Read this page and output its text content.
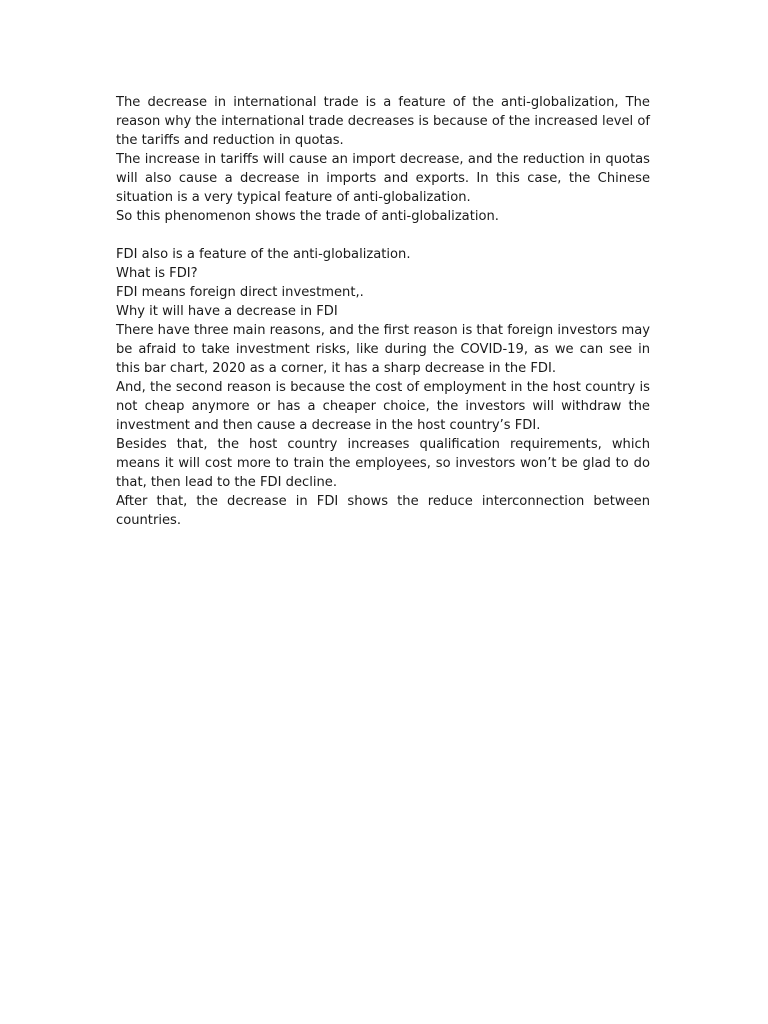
The decrease in international trade is a feature of the anti-globalization, The reason why the international trade decreases is because of the increased level of the tariffs and reduction in quotas.

The increase in tariffs will cause an import decrease, and the reduction in quotas will also cause a decrease in imports and exports. In this case, the Chinese situation is a very typical feature of anti-globalization.

So this phenomenon shows the trade of anti-globalization.

FDI also is a feature of the anti-globalization.

What is FDI?

FDI means foreign direct investment,.

Why it will have a decrease in FDI

There have three main reasons, and the first reason is that foreign investors may be afraid to take investment risks, like during the COVID-19, as we can see in this bar chart, 2020 as a corner, it has a sharp decrease in the FDI.

And, the second reason is because the cost of employment in the host country is not cheap anymore or has a cheaper choice, the investors will withdraw the investment and then cause a decrease in the host country’s FDI.

Besides that, the host country increases qualification requirements, which means it will cost more to train the employees, so investors won’t be glad to do that, then lead to the FDI decline.

After that, the decrease in FDI shows the reduce interconnection between countries.
